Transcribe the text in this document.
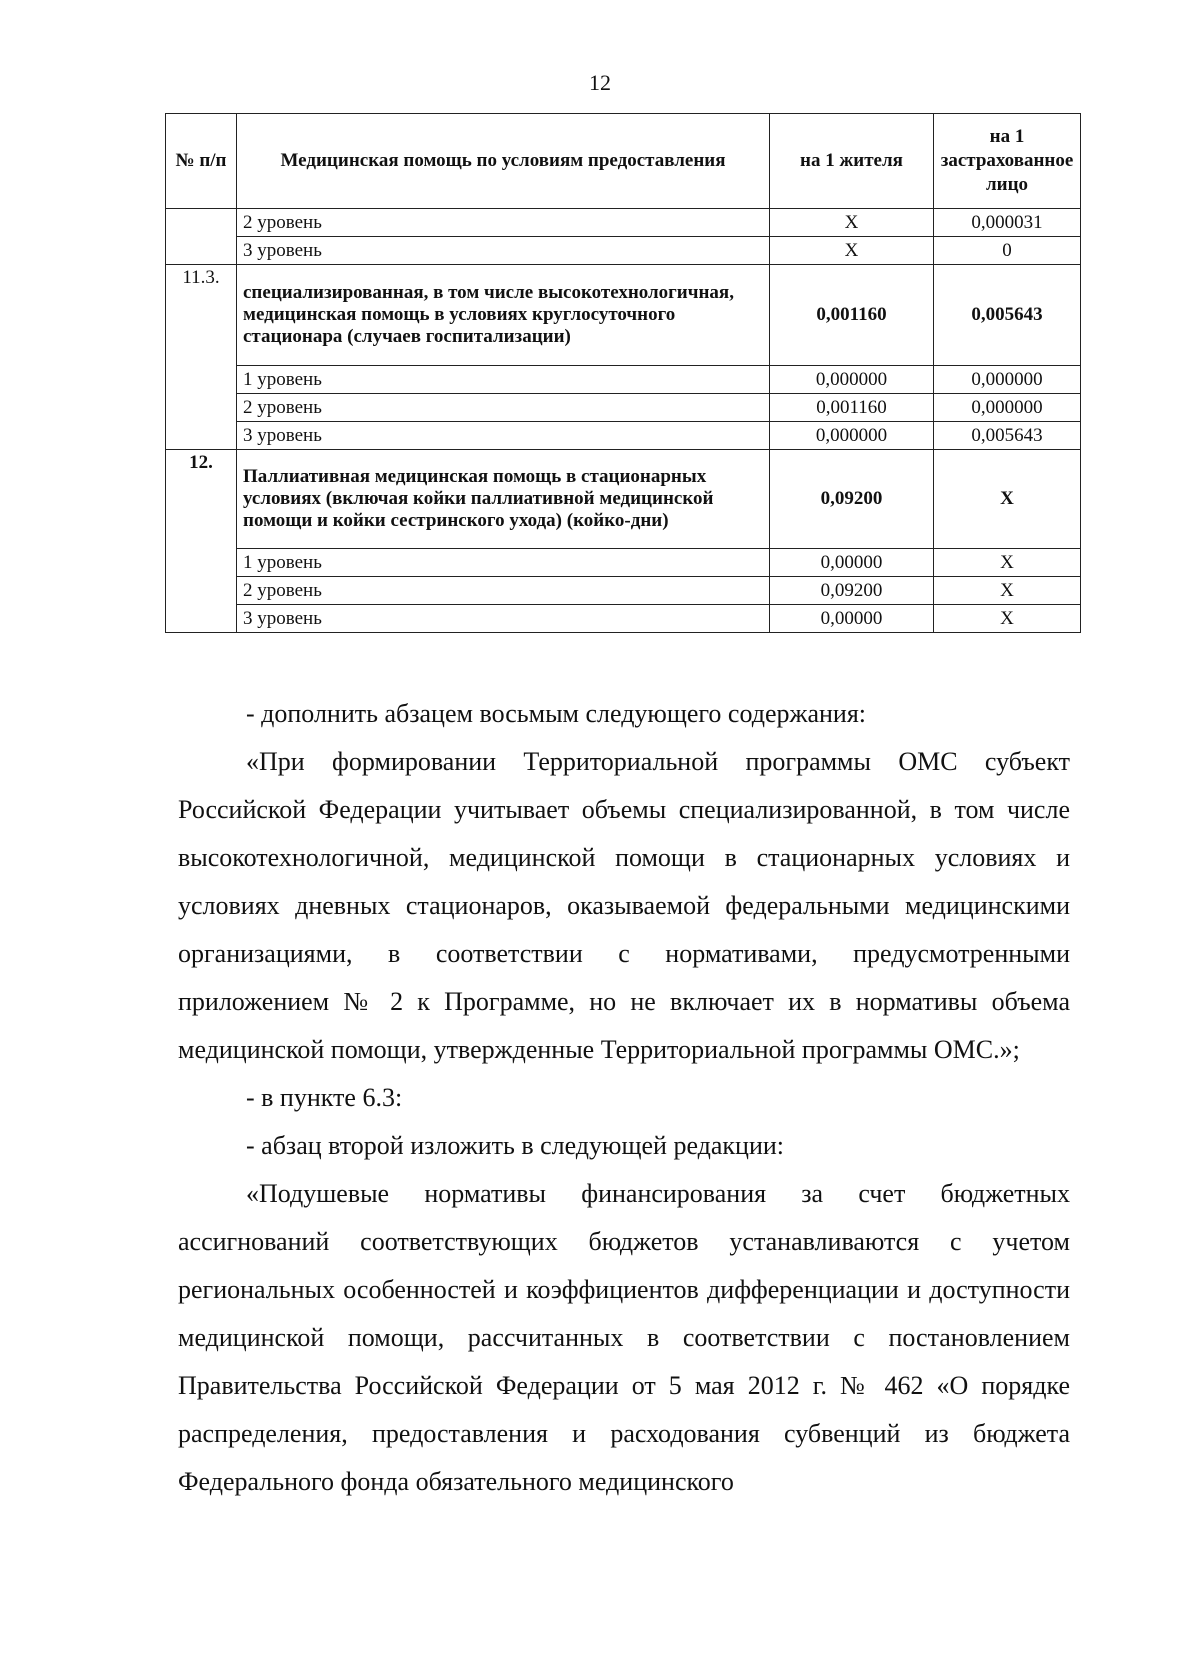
12
№ п/п	Медицинская помощь по условиям предоставления	на 1 жителя	на 1 застрахованное лицо
	2 уровень	Х	0,000031
	3 уровень	Х	0
11.3.	специализированная, в том числе высокотехнологичная, медицинская помощь в условиях круглосуточного стационара (случаев госпитализации)	0,001160	0,005643
	1 уровень	0,000000	0,000000
	2 уровень	0,001160	0,000000
	3 уровень	0,000000	0,005643
12.	Паллиативная медицинская помощь в стационарных условиях (включая койки паллиативной медицинской помощи и койки сестринского ухода) (койко-дни)	0,09200	Х
	1 уровень	0,00000	Х
	2 уровень	0,09200	Х
	3 уровень	0,00000	Х

- дополнить абзацем восьмым следующего содержания:

«При формировании Территориальной программы ОМС субъект Российской Федерации учитывает объемы специализированной, в том числе высокотехнологичной, медицинской помощи в стационарных условиях и условиях дневных стационаров, оказываемой федеральными медицинскими организациями, в соответствии с нормативами, предусмотренными приложением № 2 к Программе, но не включает их в нормативы объема медицинской помощи, утвержденные Территориальной программы ОМС.»;

- в пункте 6.3:

- абзац второй изложить в следующей редакции:

«Подушевые нормативы финансирования за счет бюджетных ассигнований соответствующих бюджетов устанавливаются с учетом региональных особенностей и коэффициентов дифференциации и доступности медицинской помощи, рассчитанных в соответствии с постановлением Правительства Российской Федерации от 5 мая 2012 г. № 462 «О порядке распределения, предоставления и расходования субвенций из бюджета Федерального фонда обязательного медицинского
